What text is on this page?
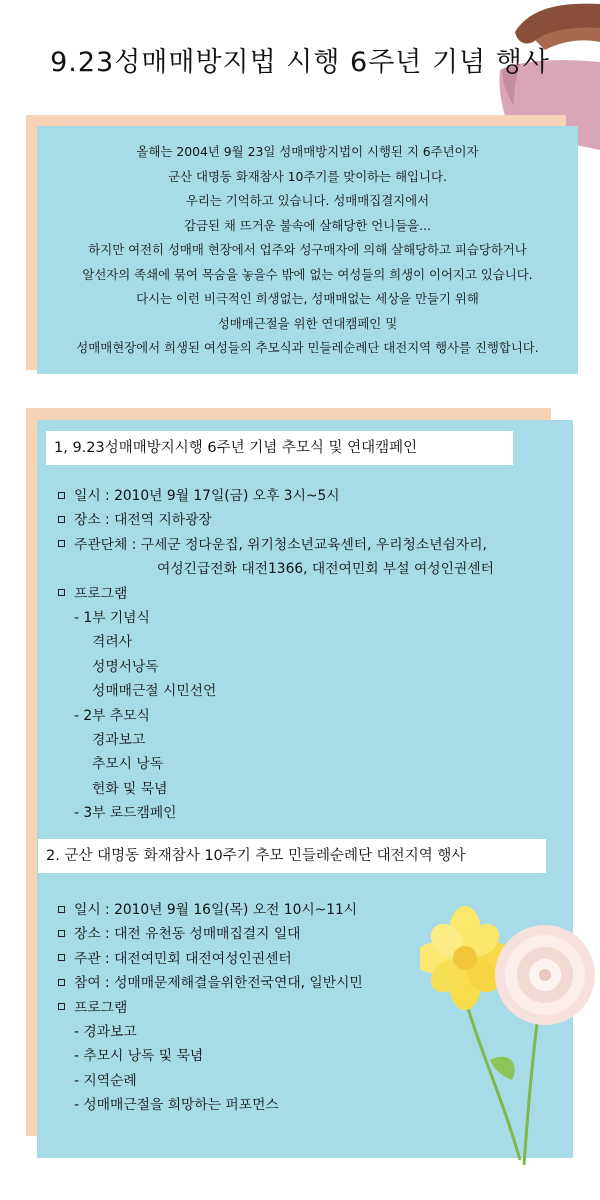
9.23성매매방지법 시행 6주년 기념 행사
올해는 2004년 9월 23일 성매매방지법이 시행된 지 6주년이자
군산 대명동 화재참사 10주기를 맞이하는 해입니다.
우리는 기억하고 있습니다. 성매매집결지에서
감금된 채 뜨거운 불속에 살해당한 언니들을...
하지만 여전히 성매매 현장에서 업주와 성구매자에 의해 살해당하고 피습당하거나
알선자의 족쇄에 묶여 목숨을 놓을수 밖에 없는 여성들의 희생이 이어지고 있습니다.
다시는 이런 비극적인 희생없는, 성매매없는 세상을 만들기 위해
성매매근절을 위한 연대캠페인 및
성매매현장에서 희생된 여성들의 추모식과 민들레순례단 대전지역 행사를 진행합니다.
1, 9.23성매매방지시행 6주년 기념 추모식 및 연대캠페인
일시 : 2010년 9월 17일(금) 오후 3시~5시
장소 : 대전역 지하광장
주관단체 : 구세군 정다운집, 위기청소년교육센터, 우리청소년쉼자리,
여성긴급전화 대전1366, 대전여민회 부설 여성인권센터
프로그램
- 1부 기념식
격려사
성명서낭독
성매매근절 시민선언
- 2부 추모식
경과보고
추모시 낭독
헌화 및 묵념
- 3부 로드캠페인
2. 군산 대명동 화재참사 10주기 추모 민들레순례단 대전지역 행사
일시 : 2010년 9월 16일(목) 오전 10시~11시
장소 : 대전 유천동 성매매집결지 일대
주관 : 대전여민회 대전여성인권센터
참여 : 성매매문제해결을위한전국연대, 일반시민
프로그램
- 경과보고
- 추모시 낭독 및 묵념
- 지역순례
- 성매매근절을 희망하는 퍼포먼스
